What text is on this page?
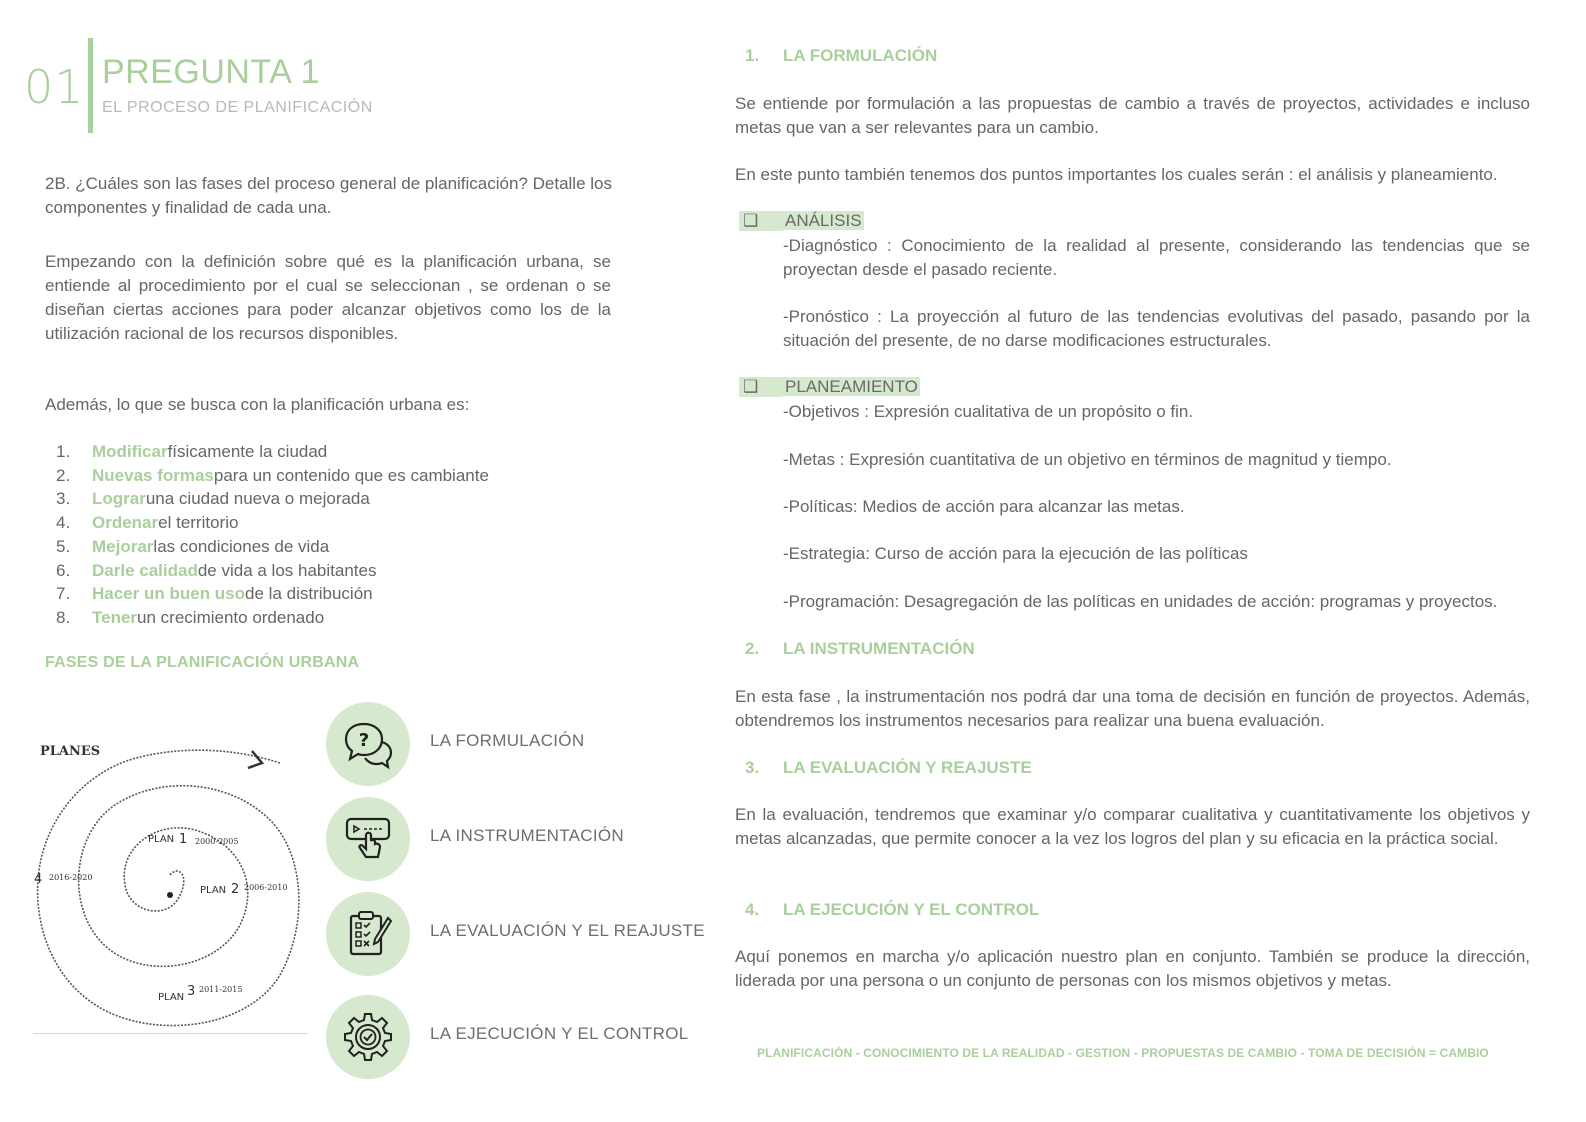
01 PREGUNTA 1
EL PROCESO DE PLANIFICACIÓN

2B. ¿Cuáles son las fases del proceso general de planificación? Detalle los componentes y finalidad de cada una.

Empezando con la definición sobre qué es la planificación urbana, se entiende al procedimiento por el cual se seleccionan , se ordenan o se diseñan ciertas acciones para poder alcanzar objetivos como los de la utilización racional de los recursos disponibles.

Además, lo que se busca con la planificación urbana es:

1.	Modificar físicamente la ciudad
2.	Nuevas formas para un contenido que es cambiante
3.	Lograr una ciudad nueva o mejorada
4.	Ordenar el territorio
5.	Mejorar las condiciones de vida
6.	Darle calidad de vida a los habitantes
7.	Hacer un buen uso de la distribución
8.	Tener un crecimiento ordenado
FASES DE LA PLANIFICACIÓN URBANA
PLANES
PLAN 1 2000-2005
PLAN 2 2006-2010
PLAN 3 2011-2015
4 2016-2020
?	LA FORMULACIÓN
LA INSTRUMENTACIÓN
LA EVALUACIÓN Y EL REAJUSTE
LA EJECUCIÓN Y EL CONTROL
1. LA FORMULACIÓN

Se entiende por formulación a las propuestas de cambio a través de proyectos, actividades e incluso metas que van a ser relevantes para un cambio.

En este punto también tenemos dos puntos importantes los cuales serán : el análisis y planeamiento.

❑ ANÁLISIS

-Diagnóstico : Conocimiento de la realidad al presente, considerando las tendencias que se proyectan desde el pasado reciente.

-Pronóstico : La proyección al futuro de las tendencias evolutivas del pasado, pasando por la situación del presente, de no darse modificaciones estructurales.

❑ PLANEAMIENTO

-Objetivos : Expresión cualitativa de un propósito o fin.

-Metas : Expresión cuantitativa de un objetivo en términos de magnitud y tiempo.

-Políticas: Medios de acción para alcanzar las metas.

-Estrategia: Curso de acción para la ejecución de las políticas

-Programación: Desagregación de las políticas en unidades de acción: programas y proyectos.

2. LA INSTRUMENTACIÓN

En esta fase , la instrumentación nos podrá dar una toma de decisión en función de proyectos. Además, obtendremos los instrumentos necesarios para realizar una buena evaluación.

3. LA EVALUACIÓN Y REAJUSTE

En la evaluación, tendremos que examinar y/o comparar cualitativa y cuantitativamente los objetivos y metas alcanzadas, que permite conocer a la vez los logros del plan y su eficacia en la práctica social.

4. LA EJECUCIÓN Y EL CONTROL

Aquí ponemos en marcha y/o aplicación nuestro plan en conjunto. También se produce la dirección, liderada por una persona o un conjunto de personas con los mismos objetivos y metas.

PLANIFICACIÓN - CONOCIMIENTO DE LA REALIDAD - GESTION - PROPUESTAS DE CAMBIO - TOMA DE DECISIÓN = CAMBIO
